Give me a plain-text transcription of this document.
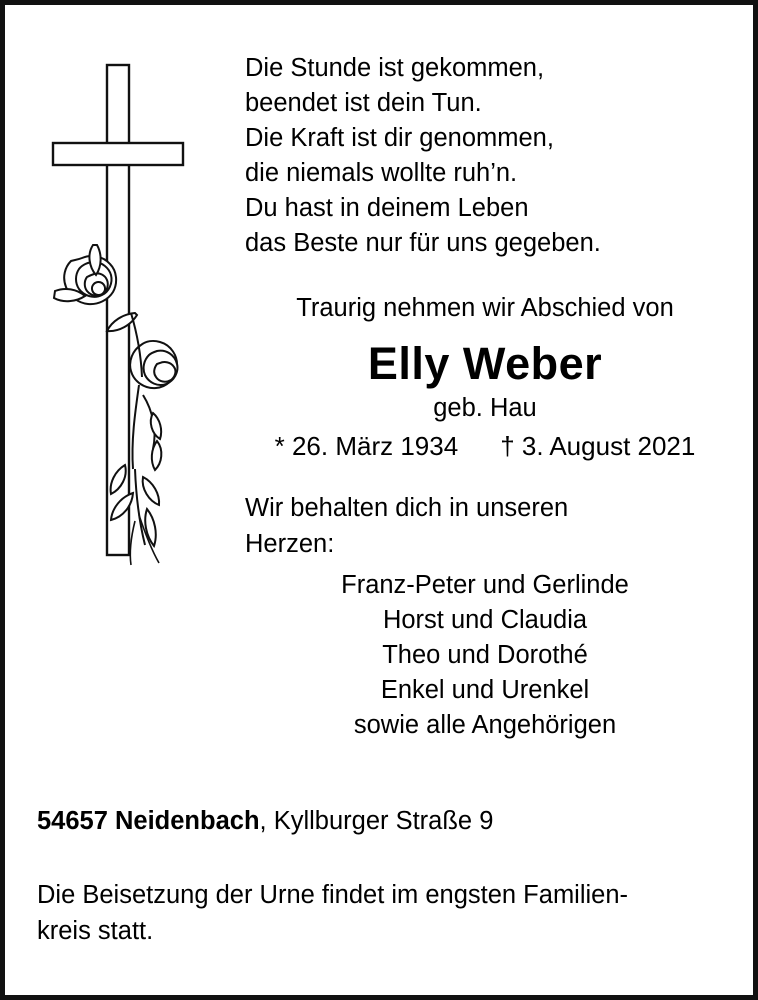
Die Stunde ist gekommen,
beendet ist dein Tun.
Die Kraft ist dir genommen,
die niemals wollte ruh’n.
Du hast in deinem Leben
das Beste nur für uns gegeben.
Traurig nehmen wir Abschied von
Elly Weber
geb. Hau
* 26. März 1934 † 3. August 2021
Wir behalten dich in unseren
Herzen:
Franz-Peter und Gerlinde
Horst und Claudia
Theo und Dorothé
Enkel und Urenkel
sowie alle Angehörigen
54657 Neidenbach, Kyllburger Straße 9
Die Beisetzung der Urne findet im engsten Familien-
kreis statt.
